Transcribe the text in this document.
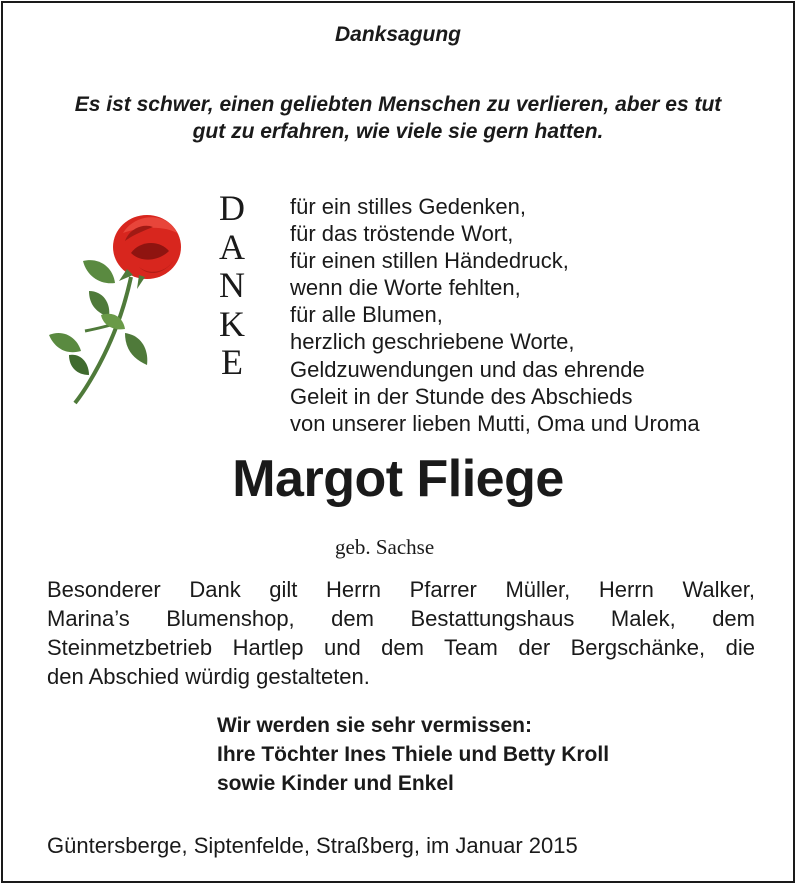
Danksagung
Es ist schwer, einen geliebten Menschen zu verlieren, aber es tut
gut zu erfahren, wie viele sie gern hatten.
D
A
N
K
E
für ein stilles Gedenken,
für das tröstende Wort,
für einen stillen Händedruck,
wenn die Worte fehlten,
für alle Blumen,
herzlich geschriebene Worte,
Geldzuwendungen und das ehrende
Geleit in der Stunde des Abschieds
von unserer lieben Mutti, Oma und Uroma
Margot Fliege
geb. Sachse
Besonderer Dank gilt Herrn Pfarrer Müller, Herrn Walker,
Marina’s Blumenshop, dem Bestattungshaus Malek, dem
Steinmetzbetrieb Hartlep und dem Team der Bergschänke, die
den Abschied würdig gestalteten.
Wir werden sie sehr vermissen:
Ihre Töchter Ines Thiele und Betty Kroll
sowie Kinder und Enkel
Güntersberge, Siptenfelde, Straßberg, im Januar 2015
